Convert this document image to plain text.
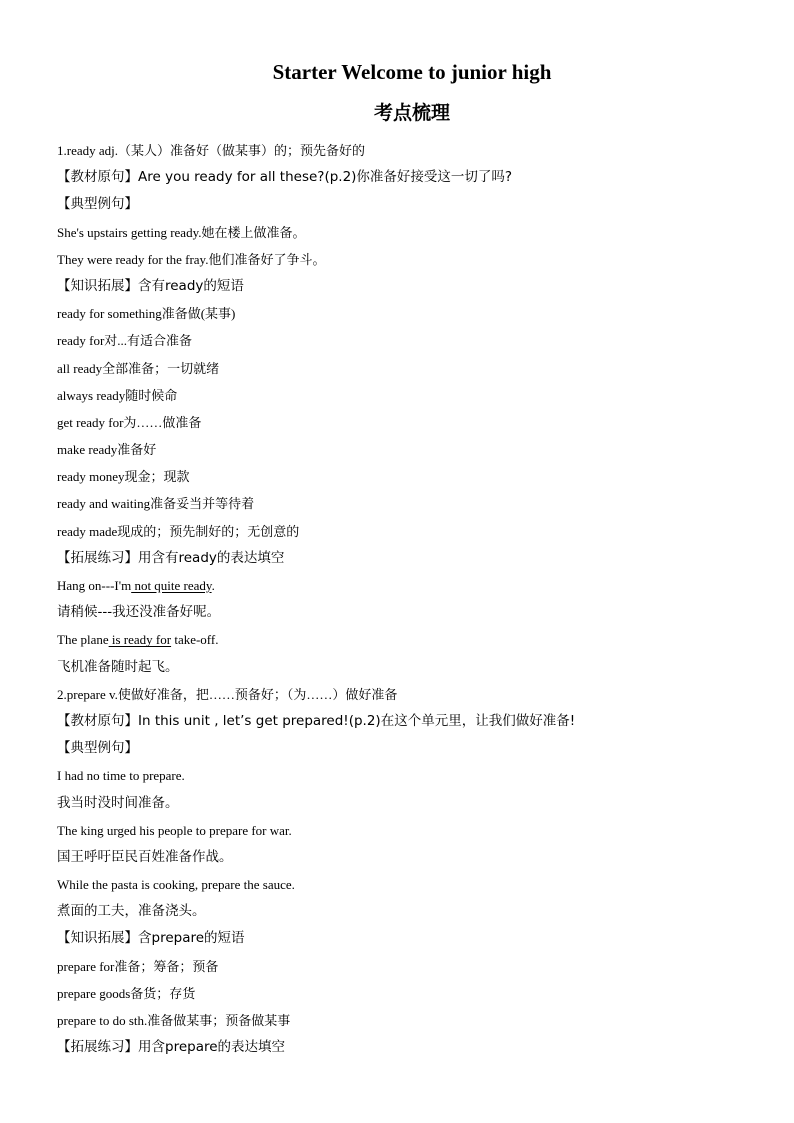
Starter Welcome to junior high
考点梳理
1.ready adj.（某人）准备好（做某事）的；预先备好的
【教材原句】Are you ready for all these?(p.2)你准备好接受这一切了吗?
【典型例句】
She's upstairs getting ready.她在楼上做准备。
They were ready for the fray.他们准备好了争斗。
【知识拓展】含有ready的短语
ready for something准备做(某事)
ready for对...有适合准备
all ready全部准备；一切就绪
always ready随时候命
get ready for为……做准备
make ready准备好
ready money现金；现款
ready and waiting准备妥当并等待着
ready made现成的；预先制好的；无创意的
【拓展练习】用含有ready的表达填空
Hang on---I'm not quite ready.
请稍候---我还没准备好呢。
The plane is ready for take-off.
飞机准备随时起飞。
2.prepare v.使做好准备，把……预备好；（为……）做好准备
【教材原句】In this unit , let’s get prepared!(p.2)在这个单元里，让我们做好准备!
【典型例句】
I had no time to prepare.
我当时没时间准备。
The king urged his people to prepare for war.
国王呼吁臣民百姓准备作战。
While the pasta is cooking, prepare the sauce.
煮面的工夫，准备浇头。
【知识拓展】含prepare的短语
prepare for准备；筹备；预备
prepare goods备货；存货
prepare to do sth.准备做某事；预备做某事
【拓展练习】用含prepare的表达填空
